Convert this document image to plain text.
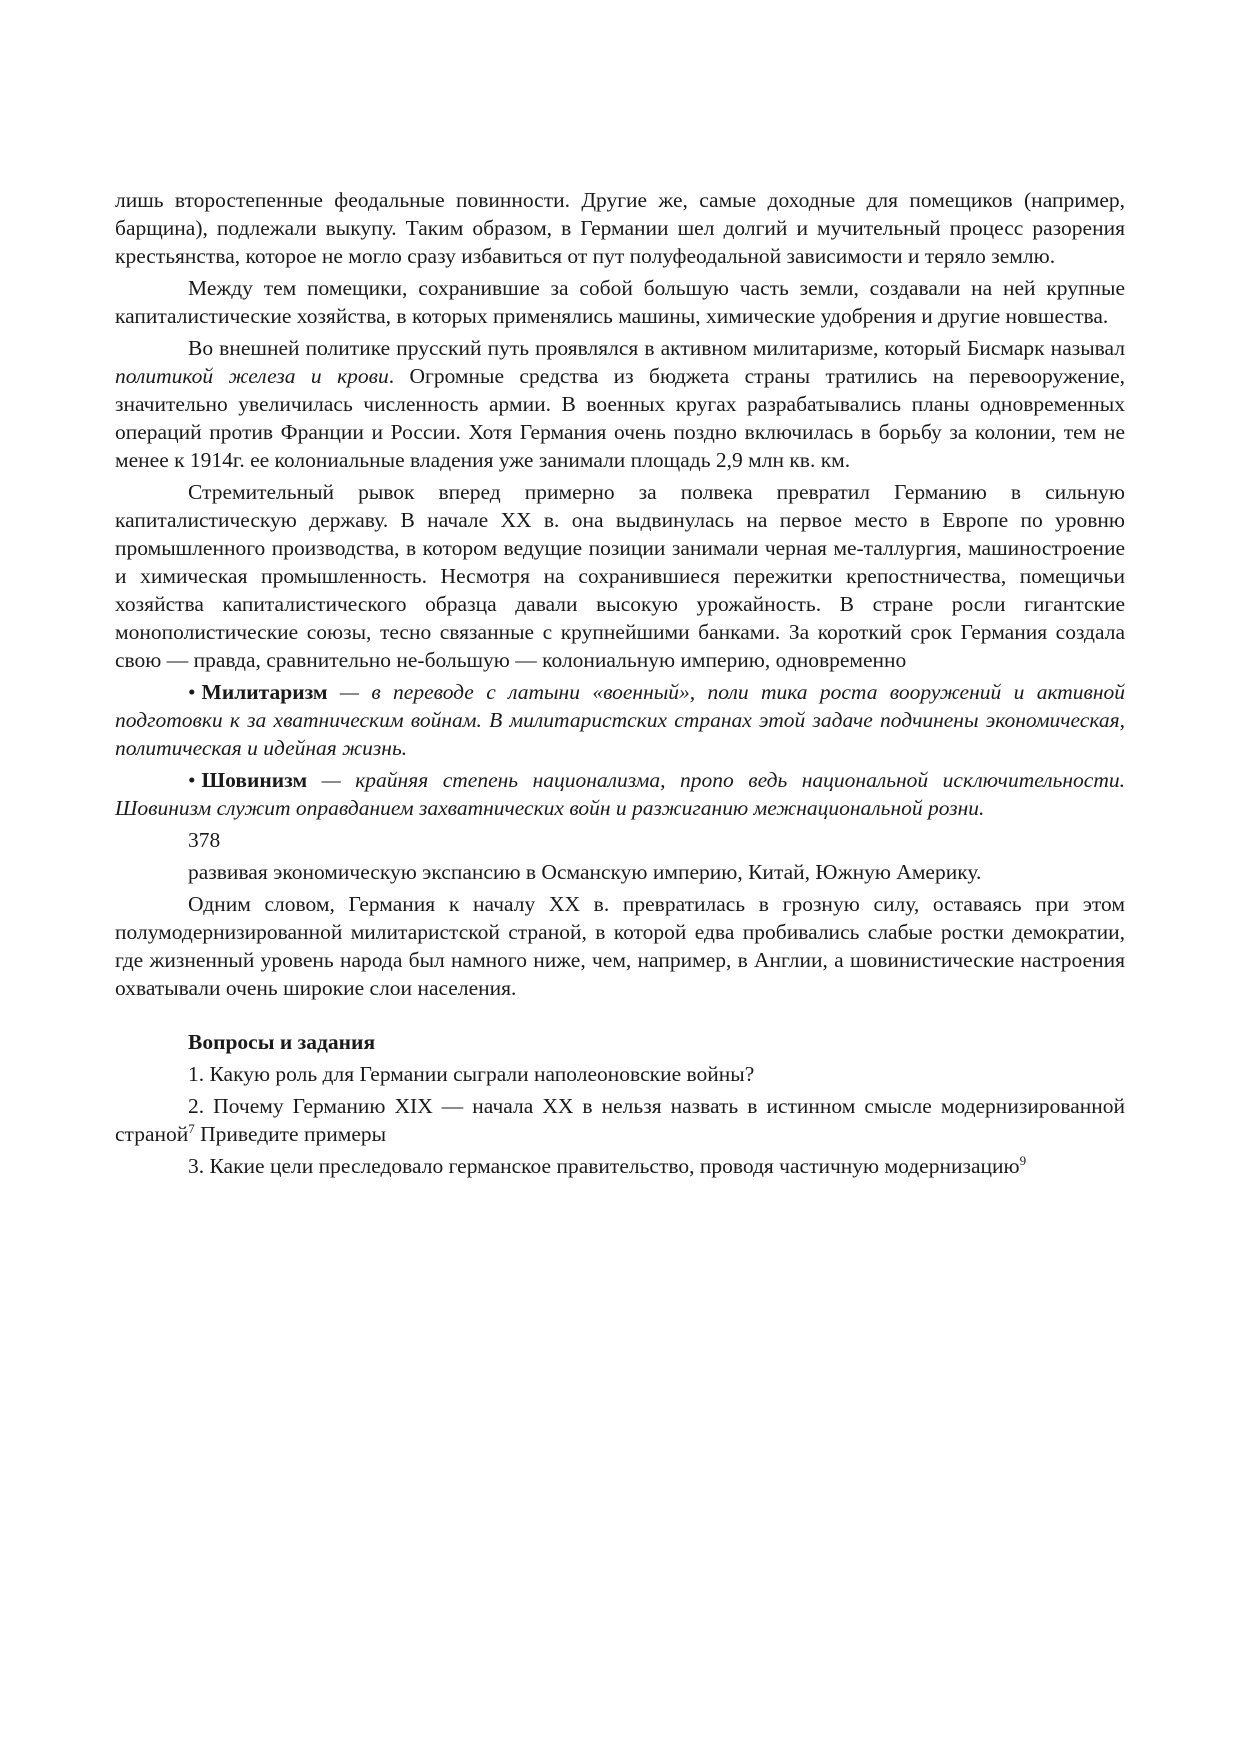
лишь второстепенные феодальные повинности. Другие же, самые доходные для помещиков (например, барщина), подлежали выкупу. Таким образом, в Германии шел долгий и мучительный процесс разорения крестьянства, которое не могло сразу избавиться от пут полуфеодальной зависимости и теряло землю.

Между тем помещики, сохранившие за собой большую часть земли, создавали на ней крупные капиталистические хозяйства, в которых применялись машины, химические удобрения и другие новшества.

Во внешней политике прусский путь проявлялся в активном милитаризме, который Бисмарк называл политикой железа и крови. Огромные средства из бюджета страны тратились на перевооружение, значительно увеличилась численность армии. В военных кругах разрабатывались планы одновременных операций против Франции и России. Хотя Германия очень поздно включилась в борьбу за колонии, тем не менее к 1914г. ее колониальные владения уже занимали площадь 2,9 млн кв. км.

Стремительный рывок вперед примерно за полвека превратил Германию в сильную капиталистическую державу. В начале XX в. она выдвинулась на первое место в Европе по уровню промышленного производства, в котором ведущие позиции занимали черная ме-таллургия, машиностроение и химическая промышленность. Несмотря на сохранившиеся пережитки крепостничества, помещичьи хозяйства капиталистического образца давали высокую урожайность. В стране росли гигантские монополистические союзы, тесно связанные с крупнейшими банками. За короткий срок Германия создала свою — правда, сравнительно не-большую — колониальную империю, одновременно

• Милитаризм — в переводе с латыни «военный», поли тика роста вооружений и активной подготовки к за хватническим войнам. В милитаристских странах этой задаче подчинены экономическая, политическая и идейная жизнь.

• Шовинизм — крайняя степень национализма, пропо ведь национальной исключительности. Шовинизм служит оправданием захватнических войн и разжиганию межнациональной розни.

378

развивая экономическую экспансию в Османскую империю, Китай, Южную Америку.

Одним словом, Германия к началу XX в. превратилась в грозную силу, оставаясь при этом полумодернизированной милитаристской страной, в которой едва пробивались слабые ростки демократии, где жизненный уровень народа был намного ниже, чем, например, в Англии, а шовинистические настроения охватывали очень широкие слои населения.

Вопросы и задания

1. Какую роль для Германии сыграли наполеоновские войны?

2. Почему Германию XIX — начала XX в нельзя назвать в истинном смысле модернизированной страной$^7$ Приведите примеры

3. Какие цели преследовало германское правительство, проводя частичную модернизацию$^9$
